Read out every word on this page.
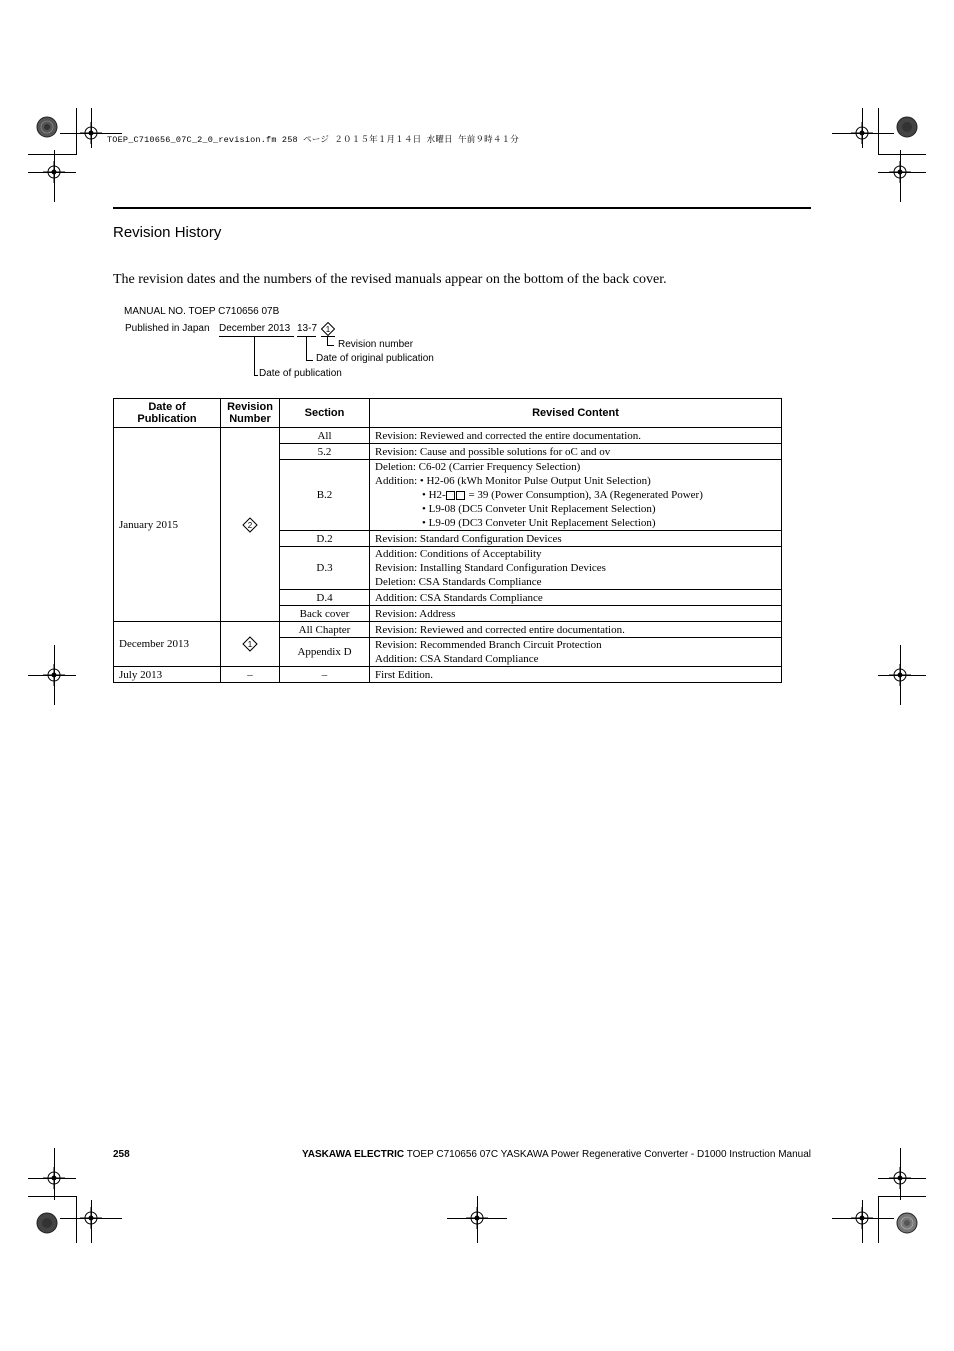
TOEP_C710656_07C_2_0_revision.fm 258 ページ ２０１５年１月１４日 水曜日 午前９時４１分
Revision History
The revision dates and the numbers of the revised manuals appear on the bottom of the back cover.
MANUAL NO. TOEP C710656 07B
Published in Japan December 2013 13-7 1
Revision number
Date of original publication
Date of publication
Date of Publication	Revision Number	Section	Revised Content
January 2015	2	All	Revision: Reviewed and corrected the entire documentation.

		5.2	Revision: Cause and possible solutions for oC and ov

		B.2	Deletion: C6-02 (Carrier Frequency Selection)
Addition: • H2-06 (kWh Monitor Pulse Output Unit Selection)
• H2- = 39 (Power Consumption), 3A (Regenerated Power)
• L9-08 (DC5 Conveter Unit Replacement Selection)
• L9-09 (DC3 Conveter Unit Replacement Selection)

		D.2	Revision: Standard Configuration Devices

		D.3	Addition: Conditions of Acceptability
Revision: Installing Standard Configuration Devices
Deletion: CSA Standards Compliance

		D.4	Addition: CSA Standards Compliance

		Back cover	Revision: Address

December 2013	1	All Chapter	Revision: Reviewed and corrected entire documentation.

		Appendix D	Revision: Recommended Branch Circuit Protection
Addition: CSA Standard Compliance

July 2013	–	–	First Edition.
258	YASKAWA ELECTRIC TOEP C710656 07C YASKAWA Power Regenerative Converter - D1000 Instruction Manual
